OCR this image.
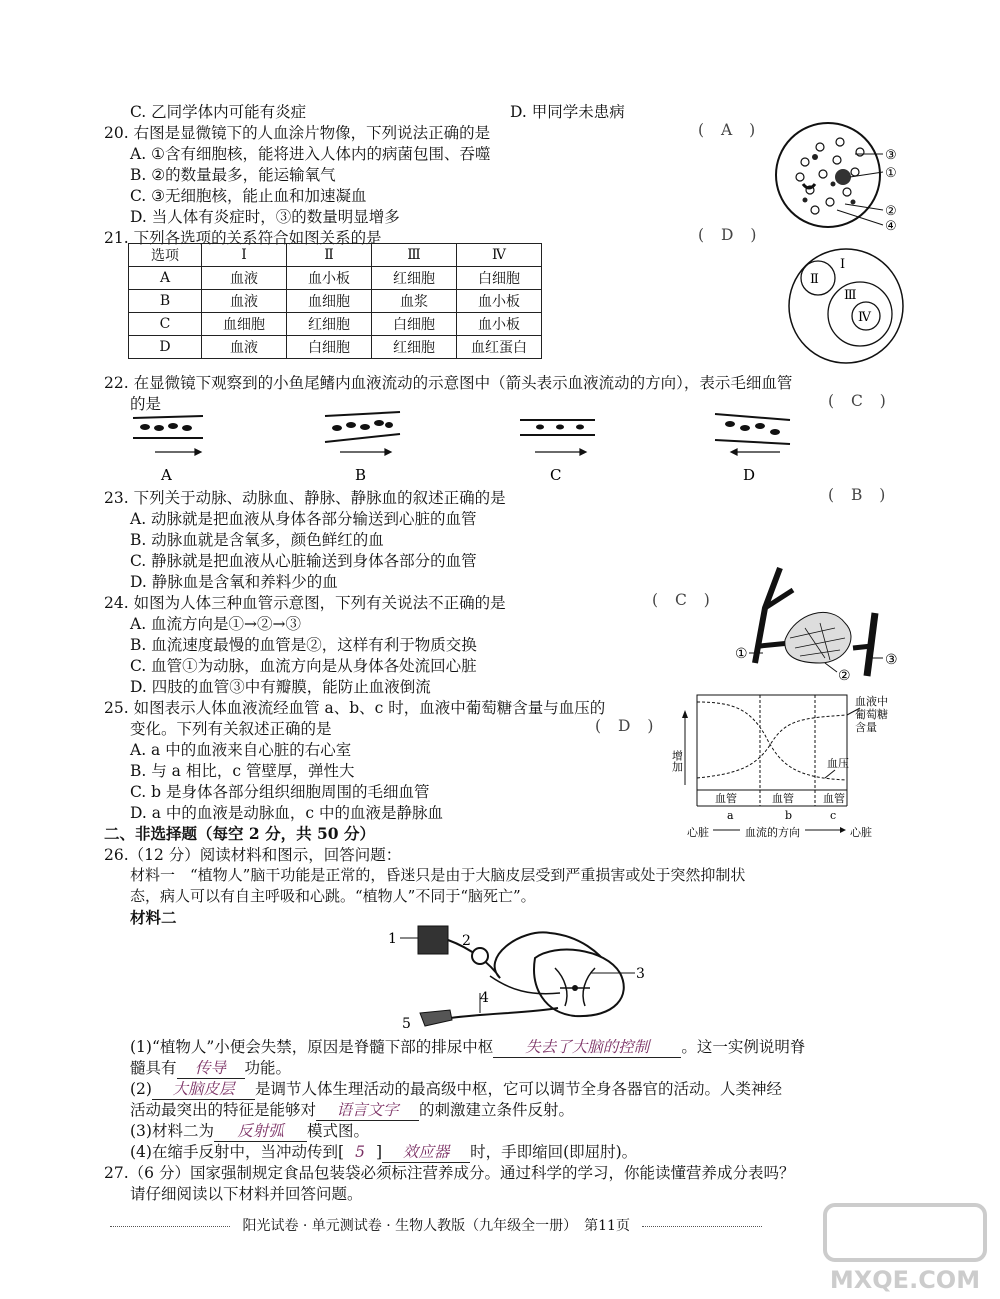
C. 乙同学体内可能有炎症	D. 甲同学未患病
20. 右图是显微镜下的人血涂片物像，下列说法正确的是	( A )
A. ①含有细胞核，能将进入人体内的病菌包围、吞噬
B. ②的数量最多，能运输氧气
C. ③无细胞核，能止血和加速凝血
D. 当人体有炎症时，③的数量明显增多
③
①
②
④
21. 下列各选项的关系符合如图关系的是	( D )
选项	Ⅰ	Ⅱ	Ⅲ	Ⅳ
A	血液	血小板	红细胞	白细胞
B	血液	血细胞	血浆	血小板
C	血细胞	红细胞	白细胞	血小板
D	血液	白细胞	红细胞	血红蛋白
Ⅱ
Ⅰ
Ⅲ
Ⅳ
22. 在显微镜下观察到的小鱼尾鳍内血液流动的示意图中（箭头表示血液流动的方向），表示毛细血管
的是	( C )
A	B	C	D
23. 下列关于动脉、动脉血、静脉、静脉血的叙述正确的是	( B )
A. 动脉就是把血液从身体各部分输送到心脏的血管
B. 动脉血就是含氧多，颜色鲜红的血
C. 静脉就是把血液从心脏输送到身体各部分的血管
D. 静脉血是含氧和养料少的血
24. 如图为人体三种血管示意图，下列有关说法不正确的是	( C )
A. 血流方向是①→②→③
B. 血流速度最慢的血管是②，这样有利于物质交换
C. 血管①为动脉，血流方向是从身体各处流回心脏
D. 四肢的血管③中有瓣膜，能防止血液倒流
①
②
③
25. 如图表示人体血液流经血管 a、b、c 时，血液中葡萄糖含量与血压的
变化。下列有关叙述正确的是	( D )
A. a 中的血液来自心脏的右心室
B. 与 a 相比，c 管壁厚，弹性大
C. b 是身体各部分组织细胞周围的毛细血管
D. a 中的血液是动脉血，c 中的血液是静脉血
增加
血液中
葡萄糖
含量
血压
血管	血管	血管
a	b	c
心脏	血流的方向	心脏
二、非选择题（每空 2 分，共 50 分）
26.（12 分）阅读材料和图示，回答问题：
材料一　“植物人”脑干功能是正常的，昏迷只是由于大脑皮层受到严重损害或处于突然抑制状
态，病人可以有自主呼吸和心跳。“植物人”不同于“脑死亡”。
材料二
1	2
3
4
5
(1)“植物人”小便会失禁，原因是脊髓下部的排尿中枢 失去了大脑的控制 。这一实例说明脊
髓具有 传导 功能。
(2) 大脑皮层 是调节人体生理活动的最高级中枢，它可以调节全身各器官的活动。人类神经
活动最突出的特征是能够对 语言文字 的刺激建立条件反射。
(3)材料二为 反射弧 模式图。
(4)在缩手反射中，当冲动传到[ 5 ] 效应器 时，手即缩回(即屈肘)。
27.（6 分）国家强制规定食品包装袋必须标注营养成分。通过科学的学习，你能读懂营养成分表吗？
请仔细阅读以下材料并回答问题。
阳光试卷 · 单元测试卷 · 生物人教版（九年级全一册）　第11页
MXQE.COM
